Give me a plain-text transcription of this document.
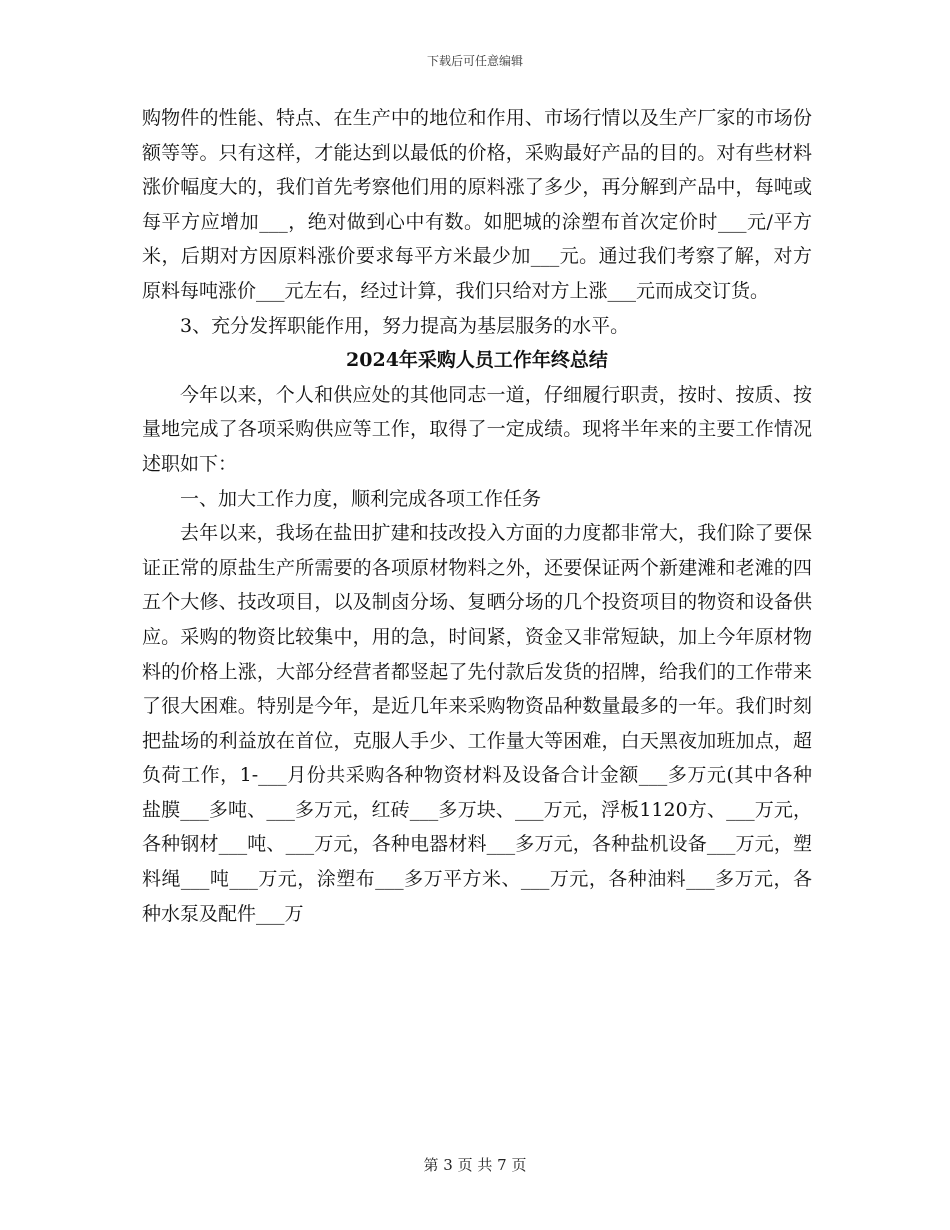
下载后可任意编辑

购物件的性能、特点、在生产中的地位和作用、市场行情以及生产厂家的市场份额等等。只有这样，才能达到以最低的价格，采购最好产品的目的。对有些材料涨价幅度大的，我们首先考察他们用的原料涨了多少，再分解到产品中，每吨或每平方应增加___，绝对做到心中有数。如肥城的涂塑布首次定价时___元/平方米，后期对方因原料涨价要求每平方米最少加___元。通过我们考察了解，对方原料每吨涨价___元左右，经过计算，我们只给对方上涨___元而成交订货。

3、充分发挥职能作用，努力提高为基层服务的水平。

2024年采购人员工作年终总结

今年以来，个人和供应处的其他同志一道，仔细履行职责，按时、按质、按量地完成了各项采购供应等工作，取得了一定成绩。现将半年来的主要工作情况述职如下：

一、加大工作力度，顺利完成各项工作任务

去年以来，我场在盐田扩建和技改投入方面的力度都非常大，我们除了要保证正常的原盐生产所需要的各项原材物料之外，还要保证两个新建滩和老滩的四五个大修、技改项目，以及制卤分场、复晒分场的几个投资项目的物资和设备供应。采购的物资比较集中，用的急，时间紧，资金又非常短缺，加上今年原材物料的价格上涨，大部分经营者都竖起了先付款后发货的招牌，给我们的工作带来了很大困难。特别是今年，是近几年来采购物资品种数量最多的一年。我们时刻把盐场的利益放在首位，克服人手少、工作量大等困难，白天黑夜加班加点，超负荷工作，1-___月份共采购各种物资材料及设备合计金额___多万元(其中各种盐膜___多吨、___多万元，红砖___多万块、___万元，浮板1120方、___万元，各种钢材___吨、___万元，各种电器材料___多万元，各种盐机设备___万元，塑料绳___吨___万元，涂塑布___多万平方米、___万元，各种油料___多万元，各种水泵及配件___万

第 3 页 共 7 页
